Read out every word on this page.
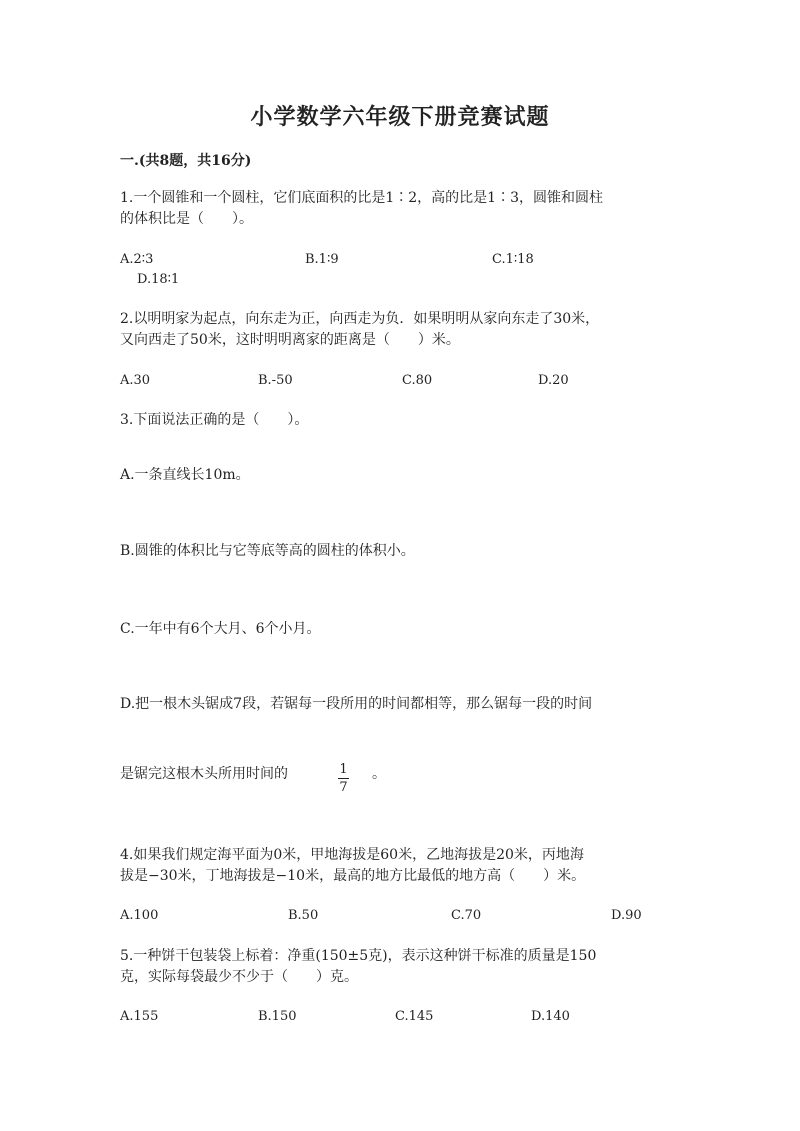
小学数学六年级下册竞赛试题
一.(共8题，共16分)
1.一个圆锥和一个圆柱，它们底面积的比是1∶2，高的比是1∶3，圆锥和圆柱
的体积比是（　　）。
A.2∶3	B.1∶9	C.1∶18
D.18∶1
2.以明明家为起点，向东走为正，向西走为负．如果明明从家向东走了30米，
又向西走了50米，这时明明离家的距离是（　　）米。
A.30	B.-50	C.80	D.20
3.下面说法正确的是（　　）。
A.一条直线长10m。
B.圆锥的体积比与它等底等高的圆柱的体积小。
C.一年中有6个大月、6个小月。
D.把一根木头锯成7段，若锯每一段所用的时间都相等，那么锯每一段的时间
是锯完这根木头所用时间的	$\frac{1}{7}$ 。
4.如果我们规定海平面为0米，甲地海拔是60米，乙地海拔是20米，丙地海
拔是−30米，丁地海拔是−10米，最高的地方比最低的地方高（　　）米。
A.100	B.50	C.70	D.90
5.一种饼干包装袋上标着：净重(150±5克)，表示这种饼干标准的质量是150
克，实际每袋最少不少于（　　）克。
A.155	B.150	C.145	D.140
